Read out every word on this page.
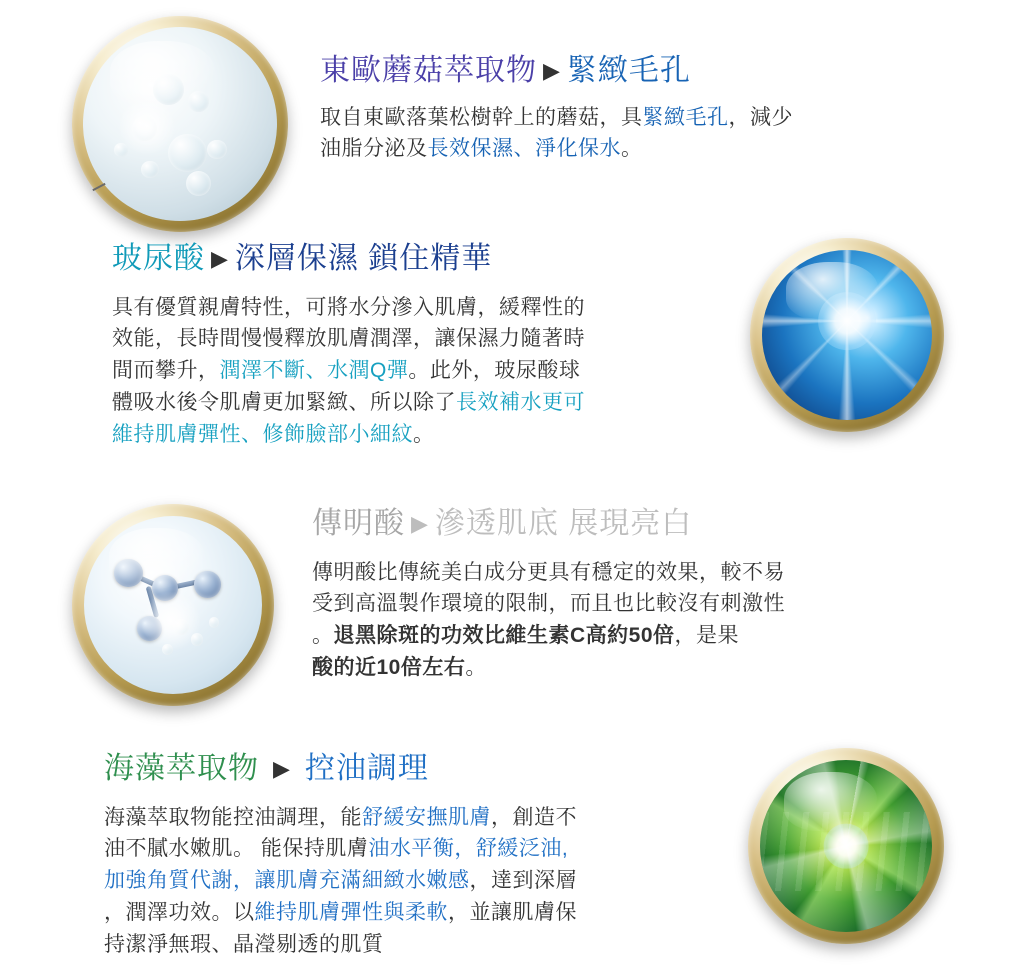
東歐蘑菇萃取物 ▶ 緊緻毛孔

取自東歐落葉松樹幹上的蘑菇，具緊緻毛孔，減少

油脂分泌及長效保濕、淨化保水。

玻尿酸 ▶ 深層保濕 鎖住精華

具有優質親膚特性，可將水分滲入肌膚，緩釋性的

效能，長時間慢慢釋放肌膚潤澤，讓保濕力隨著時

間而攀升，潤澤不斷、水潤Q彈。此外，玻尿酸球

體吸水後令肌膚更加緊緻、所以除了長效補水更可

維持肌膚彈性、修飾臉部小細紋。

傳明酸 ▶ 滲透肌底 展現亮白

傳明酸比傳統美白成分更具有穩定的效果，較不易

受到高溫製作環境的限制，而且也比較沒有刺激性

。退黑除斑的功效比維生素C高約50倍，是果

酸的近10倍左右。

海藻萃取物 ▶ 控油調理

海藻萃取物能控油調理，能舒緩安撫肌膚，創造不

油不膩水嫩肌。 能保持肌膚油水平衡，舒緩泛油,

加強角質代謝，讓肌膚充滿細緻水嫩感，達到深層

，潤澤功效。以維持肌膚彈性與柔軟，並讓肌膚保

持潔淨無瑕、晶瀅剔透的肌質
